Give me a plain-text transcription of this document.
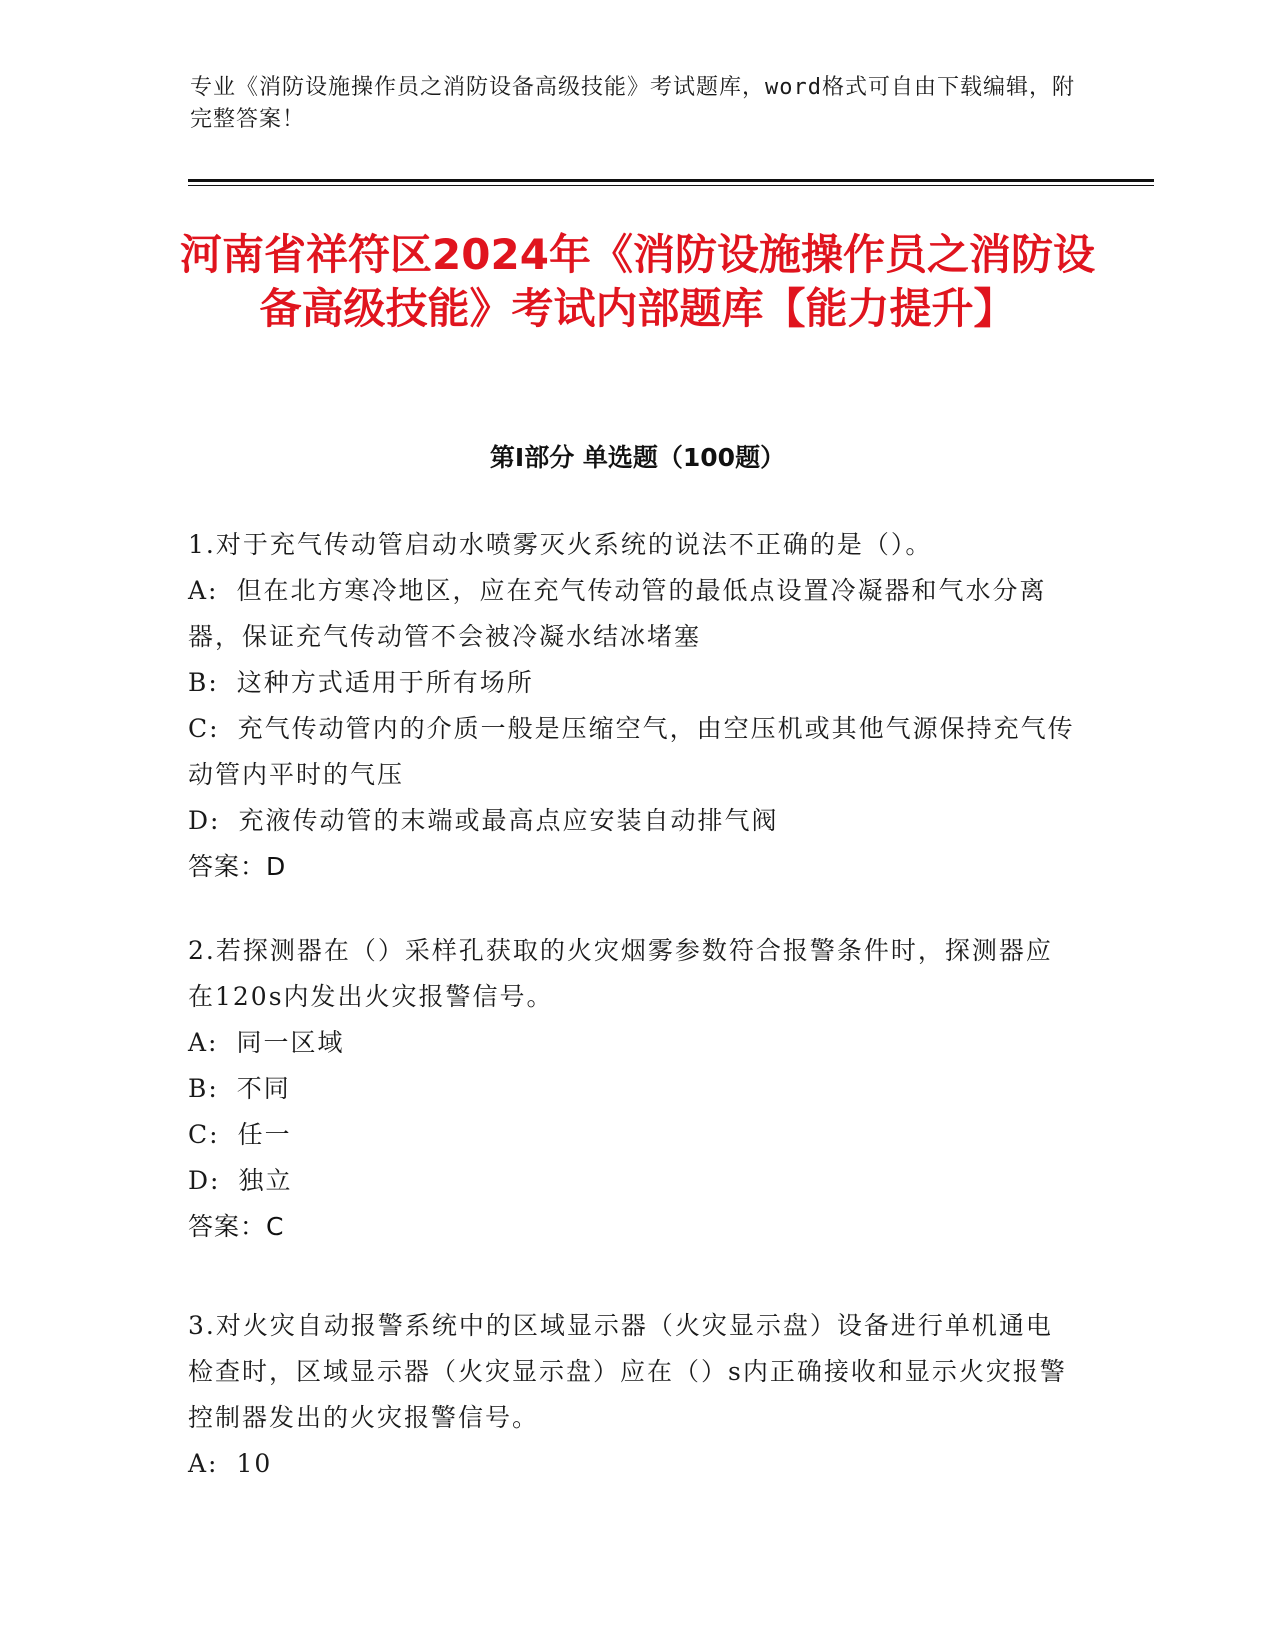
专业《消防设施操作员之消防设备高级技能》考试题库，word格式可自由下载编辑，附完整答案！
河南省祥符区2024年《消防设施操作员之消防设备高级技能》考试内部题库【能力提升】
第Ⅰ部分 单选题（100题）

1.对于充气传动管启动水喷雾灭火系统的说法不正确的是（）。

A: 但在北方寒冷地区，应在充气传动管的最低点设置冷凝器和气水分离器，保证充气传动管不会被冷凝水结冰堵塞

B: 这种方式适用于所有场所

C: 充气传动管内的介质一般是压缩空气，由空压机或其他气源保持充气传动管内平时的气压

D: 充液传动管的末端或最高点应安装自动排气阀

答案：D

2.若探测器在（）采样孔获取的火灾烟雾参数符合报警条件时，探测器应在120s内发出火灾报警信号。

A: 同一区域

B: 不同

C: 任一

D: 独立

答案：C

3.对火灾自动报警系统中的区域显示器（火灾显示盘）设备进行单机通电检查时，区域显示器（火灾显示盘）应在（）s内正确接收和显示火灾报警控制器发出的火灾报警信号。

A: 10
